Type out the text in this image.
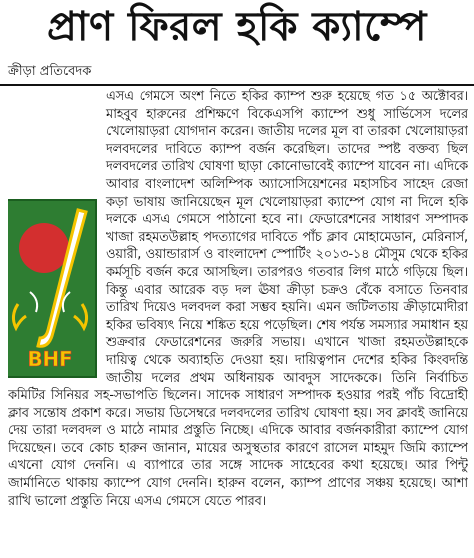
প্রাণ ফিরল হকি ক্যাম্পে
ক্রীড়া প্রতিবেদক
BHF

এসএ গেমসে অংশ নিতে হকির ক্যাম্প শুরু হয়েছে গত ১৫ অক্টোবর। মাহবুব হারুনের প্রশিক্ষণে বিকেএসপি ক্যাম্পে শুধু সার্ভিসেস দলের খেলোয়াড়রা যোগদান করেন। জাতীয় দলের মূল বা তারকা খেলোয়াড়রা দলবদলের দাবিতে ক্যাম্প বর্জন করেছিল। তাদের স্পষ্ট বক্তব্য ছিল দলবদলের তারিখ ঘোষণা ছাড়া কোনোভাবেই ক্যাম্পে যাবেন না। এদিকে আবার বাংলাদেশ অলিম্পিক অ্যাসোসিয়েশনের মহাসচিব সাহেদ রেজা কড়া ভাষায় জানিয়েছেন মূল খেলোয়াড়রা ক্যাম্পে যোগ না দিলে হকি দলকে এসএ গেমসে পাঠানো হবে না। ফেডারেশনের সাধারণ সম্পাদক খাজা রহমতউল্লাহ পদত্যাগের দাবিতে পাঁচ ক্লাব মোহামেডান, মেরিনার্স, ওয়ারী, ওয়ান্ডারার্স ও বাংলাদেশ স্পোর্টিং ২০১৩-১৪ মৌসুম থেকে হকির কর্মসূচি বর্জন করে আসছিল। তারপরও গতবার লিগ মাঠে গড়িয়ে ছিল। কিন্তু এবার আরেক বড় দল ঊষা ক্রীড়া চক্রও বেঁকে বসাতে তিনবার তারিখ দিয়েও দলবদল করা সম্ভব হয়নি। এমন জটিলতায় ক্রীড়ামোদীরা হকির ভবিষ্যৎ নিয়ে শঙ্কিত হয়ে পড়েছিল। শেষ পর্যন্ত সমস্যার সমাধান হয় শুক্রবার ফেডারেশনের জরুরি সভায়। এখানে খাজা রহমতউল্লাহকে দায়িত্ব থেকে অব্যাহতি দেওয়া হয়। দায়িত্বপান দেশের হকির কিংবদন্তি জাতীয় দলের প্রথম অধিনায়ক আবদুস সাদেককে। তিনি নির্বাচিত কমিটির সিনিয়র সহ-সভাপতি ছিলেন। সাদেক সাধারণ সম্পাদক হওয়ার পরই পাঁচ বিদ্রোহী ক্লাব সন্তোষ প্রকাশ করে। সভায় ডিসেম্বরে দলবদলের তারিখ ঘোষণা হয়। সব ক্লাবই জানিয়ে দেয় তারা দলবদল ও মাঠে নামার প্রস্তুতি নিচ্ছে। এদিকে আবার বর্জনকারীরা ক্যাম্পে যোগ দিয়েছেন। তবে কোচ হারুন জানান, মায়ের অসুস্থতার কারণে রাসেল মাহমুদ জিমি ক্যাম্পে এখনো যোগ দেননি। এ ব্যাপারে তার সঙ্গে সাদেক সাহেবের কথা হয়েছে। আর পিন্টু জার্মানিতে থাকায় ক্যাম্পে যোগ দেননি। হারুন বলেন, ক্যাম্প প্রাণের সঞ্চয় হয়েছে। আশা রাখি ভালো প্রস্তুতি নিয়ে এসএ গেমসে যেতে পারব।
